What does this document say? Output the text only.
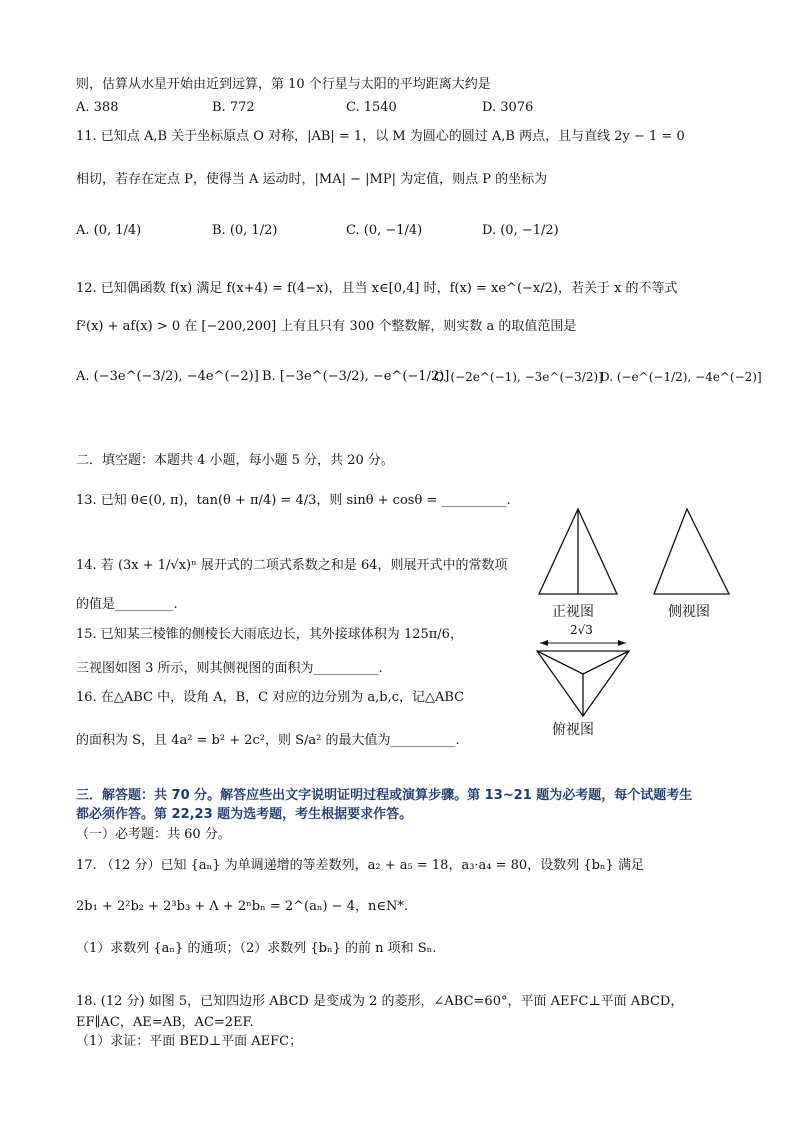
则，估算从水星开始由近到远算，第 10 个行星与太阳的平均距离大约是
A. 388	B. 772	C. 1540	D. 3076
11. 已知点 A,B 关于坐标原点 O 对称，|AB| = 1，以 M 为圆心的圆过 A,B 两点，且与直线 2y − 1 = 0
相切，若存在定点 P，使得当 A 运动时，|MA| − |MP| 为定值，则点 P 的坐标为
A. (0, 1/4)	B. (0, 1/2)	C. (0, −1/4)	D. (0, −1/2)
12. 已知偶函数 f(x) 满足 f(x+4) = f(4−x)，且当 x∈[0,4] 时，f(x) = xe^(−x/2)，若关于 x 的不等式
f²(x) + af(x) > 0 在 [−200,200] 上有且只有 300 个整数解，则实数 a 的取值范围是
A. (−3e^(−3/2), −4e^(−2)] B. [−3e^(−3/2), −e^(−1/2)]
C. (−2e^(−1), −3e^(−3/2)]
D. (−e^(−1/2), −4e^(−2)]
二．填空题：本题共 4 小题，每小题 5 分，共 20 分。
13. 已知 θ∈(0, π)，tan(θ + π/4) = 4/3，则 sinθ + cosθ = __________.
14. 若 (3x + 1/√x)ⁿ 展开式的二项式系数之和是 64，则展开式中的常数项
的值是_________.
15. 已知某三棱锥的侧棱长大雨底边长，其外接球体积为 125π/6，
三视图如图 3 所示，则其侧视图的面积为__________.
16. 在△ABC 中，设角 A，B，C 对应的边分别为 a,b,c，记△ABC
的面积为 S，且 4a² = b² + 2c²，则 S/a² 的最大值为__________.
正视图	侧视图
2√3
俯视图
三．解答题：共 70 分。解答应些出文字说明证明过程或演算步骤。第 13~21 题为必考题，每个试题考生
都必须作答。第 22,23 题为选考题，考生根据要求作答。
（一）必考题：共 60 分。
17. （12 分）已知 {aₙ} 为单调递增的等差数列，a₂ + a₅ = 18，a₃·a₄ = 80，设数列 {bₙ} 满足
2b₁ + 2²b₂ + 2³b₃ + Λ + 2ⁿbₙ = 2^(aₙ) − 4，n∈N*.
（1）求数列 {aₙ} 的通项；（2）求数列 {bₙ} 的前 n 项和 Sₙ.
18. (12 分) 如图 5，已知四边形 ABCD 是变成为 2 的菱形，∠ABC=60°，平面 AEFC⊥平面 ABCD，
EF∥AC，AE=AB，AC=2EF.
（1）求证：平面 BED⊥平面 AEFC；
